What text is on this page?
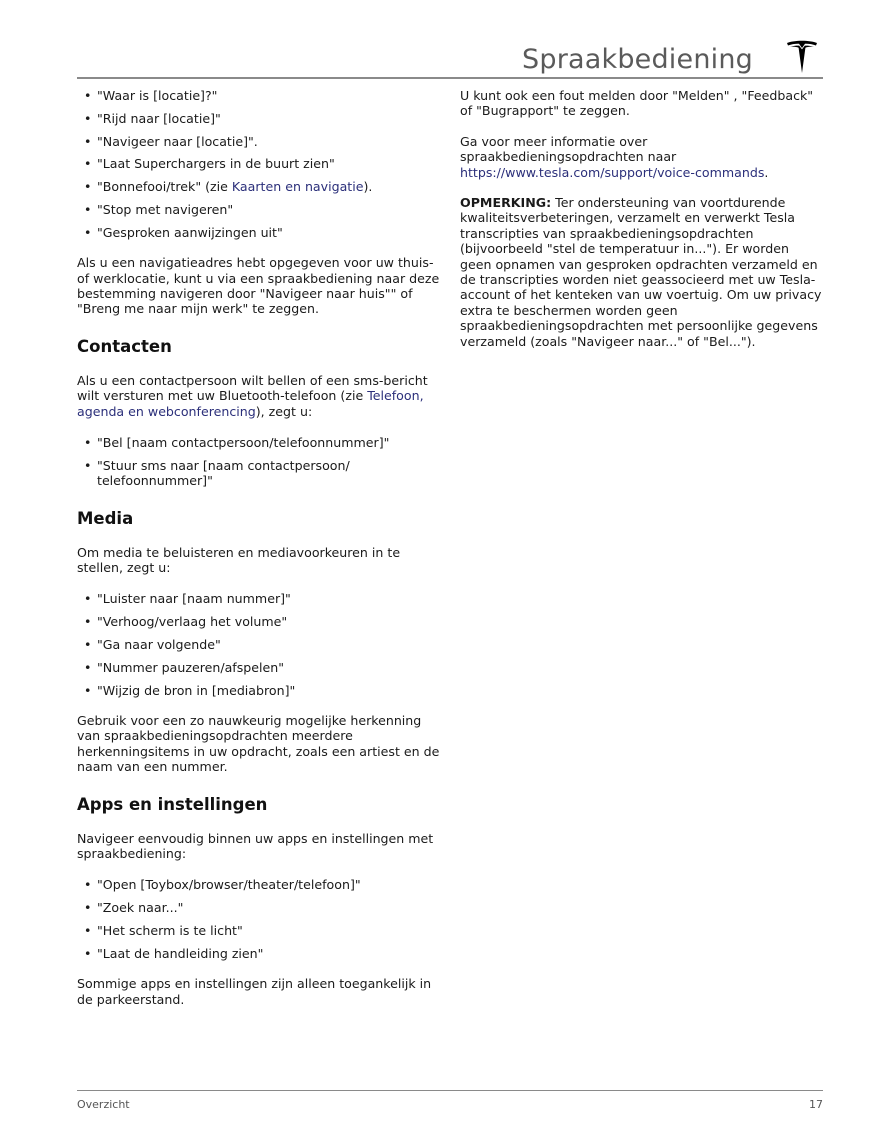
Spraakbediening
• "Waar is [locatie]?"
• "Rijd naar [locatie]"
• "Navigeer naar [locatie]".
• "Laat Superchargers in de buurt zien"
• "Bonnefooi/trek" (zie Kaarten en navigatie).
• "Stop met navigeren"
• "Gesproken aanwijzingen uit"

Als u een navigatieadres hebt opgegeven voor uw thuis- of werklocatie, kunt u via een spraakbediening naar deze bestemming navigeren door "Navigeer naar huis"" of "Breng me naar mijn werk" te zeggen.

Contacten

Als u een contactpersoon wilt bellen of een sms-bericht wilt versturen met uw Bluetooth-telefoon (zie Telefoon, agenda en webconferencing), zegt u:

• "Bel [naam contactpersoon/telefoonnummer]"
• "Stuur sms naar [naam contactpersoon/ telefoonnummer]"
Media

Om media te beluisteren en mediavoorkeuren in te stellen, zegt u:

• "Luister naar [naam nummer]"
• "Verhoog/verlaag het volume"
• "Ga naar volgende"
• "Nummer pauzeren/afspelen"
• "Wijzig de bron in [mediabron]"

Gebruik voor een zo nauwkeurig mogelijke herkenning van spraakbedieningsopdrachten meerdere herkenningsitems in uw opdracht, zoals een artiest en de naam van een nummer.

Apps en instellingen

Navigeer eenvoudig binnen uw apps en instellingen met spraakbediening:

• "Open [Toybox/browser/theater/telefoon]"
• "Zoek naar..."
• "Het scherm is te licht"
• "Laat de handleiding zien"

Sommige apps en instellingen zijn alleen toegankelijk in de parkeerstand.

U kunt ook een fout melden door "Melden" , "Feedback" of "Bugrapport" te zeggen.

Ga voor meer informatie over spraakbedieningsopdrachten naar https://www.tesla.com/support/voice-commands.

OPMERKING: Ter ondersteuning van voortdurende kwaliteitsverbeteringen, verzamelt en verwerkt Tesla transcripties van spraakbedieningsopdrachten (bijvoorbeeld "stel de temperatuur in..."). Er worden geen opnamen van gesproken opdrachten verzameld en de transcripties worden niet geassocieerd met uw Tesla-account of het kenteken van uw voertuig. Om uw privacy extra te beschermen worden geen spraakbedieningsopdrachten met persoonlijke gegevens verzameld (zoals "Navigeer naar..." of "Bel...").

Overzicht	17
